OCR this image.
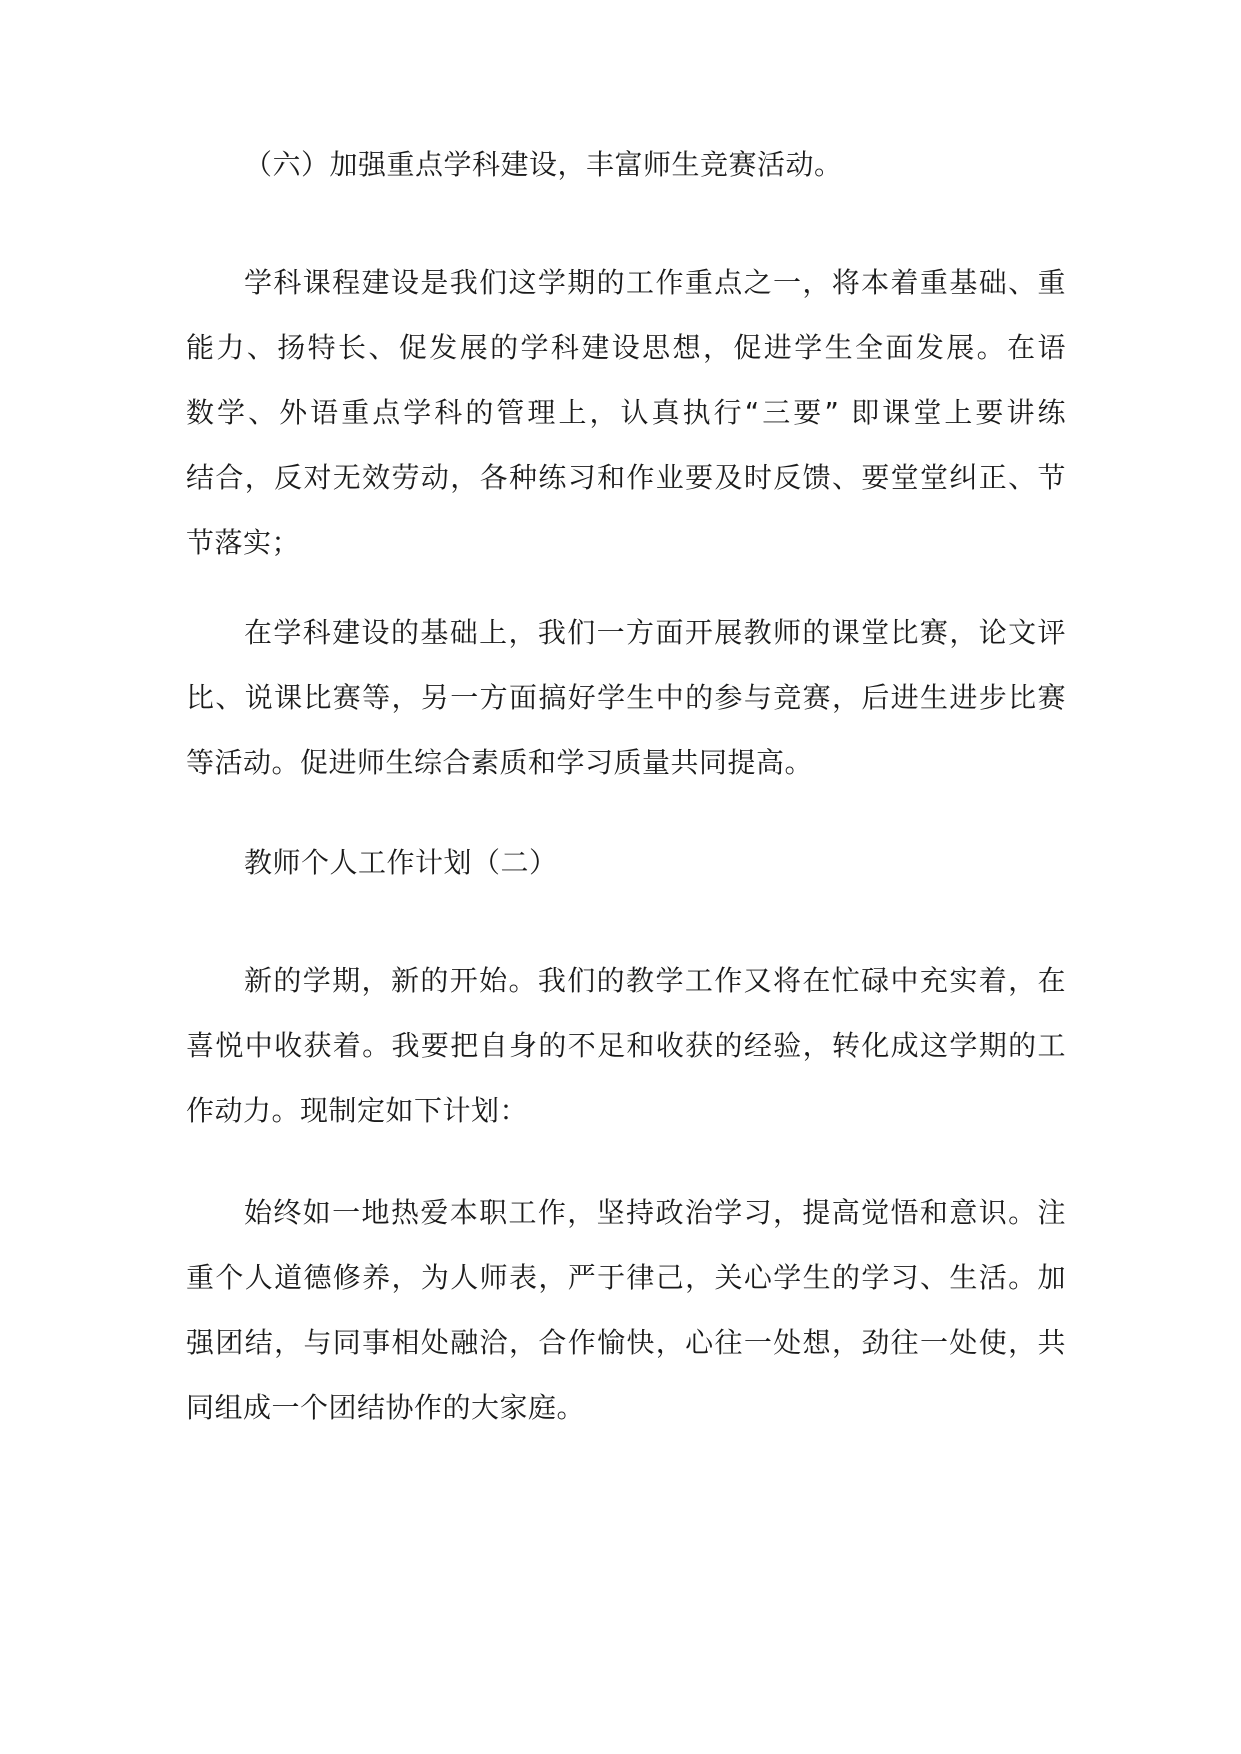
（六）加强重点学科建设，丰富师生竞赛活动。

学科课程建设是我们这学期的工作重点之一，将本着重基础、重
能力、扬特长、促发展的学科建设思想，促进学生全面发展。在语
数学、外语重点学科的管理上，认真执行“三要” 即课堂上要讲练
结合，反对无效劳动，各种练习和作业要及时反馈、要堂堂纠正、节
节落实；

在学科建设的基础上，我们一方面开展教师的课堂比赛，论文评
比、说课比赛等，另一方面搞好学生中的参与竞赛，后进生进步比赛
等活动。促进师生综合素质和学习质量共同提高。

教师个人工作计划（二）

新的学期，新的开始。我们的教学工作又将在忙碌中充实着，在
喜悦中收获着。我要把自身的不足和收获的经验，转化成这学期的工
作动力。现制定如下计划：

始终如一地热爱本职工作，坚持政治学习，提高觉悟和意识。注
重个人道德修养，为人师表，严于律己，关心学生的学习、生活。加
强团结，与同事相处融洽，合作愉快，心往一处想，劲往一处使，共
同组成一个团结协作的大家庭。
